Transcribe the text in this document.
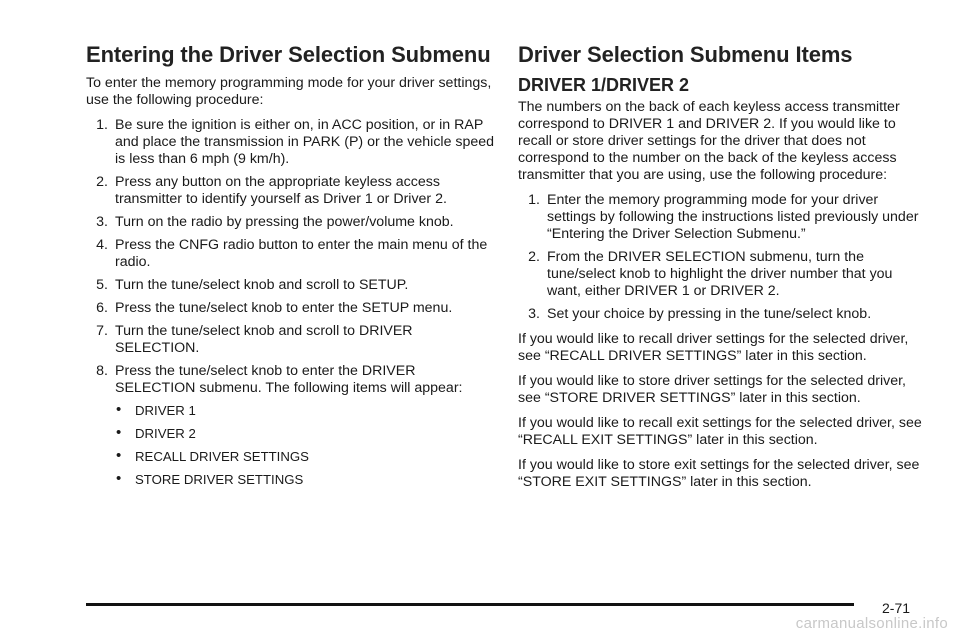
Entering the Driver Selection Submenu

To enter the memory programming mode for your driver settings, use the following procedure:

1. Be sure the ignition is either on, in ACC position, or in RAP and place the transmission in PARK (P) or the vehicle speed is less than 6 mph (9 km/h).
2. Press any button on the appropriate keyless access transmitter to identify yourself as Driver 1 or Driver 2.
3. Turn on the radio by pressing the power/volume knob.
4. Press the CNFG radio button to enter the main menu of the radio.
5. Turn the tune/select knob and scroll to SETUP.
6. Press the tune/select knob to enter the SETUP menu.
7. Turn the tune/select knob and scroll to DRIVER SELECTION.
8. Press the tune/select knob to enter the DRIVER SELECTION submenu. The following items will appear:
• DRIVER 1
• DRIVER 2
• RECALL DRIVER SETTINGS
• STORE DRIVER SETTINGS
Driver Selection Submenu Items
DRIVER 1/DRIVER 2

The numbers on the back of each keyless access transmitter correspond to DRIVER 1 and DRIVER 2. If you would like to recall or store driver settings for the driver that does not correspond to the number on the back of the keyless access transmitter that you are using, use the following procedure:

1. Enter the memory programming mode for your driver settings by following the instructions listed previously under “Entering the Driver Selection Submenu.”
2. From the DRIVER SELECTION submenu, turn the tune/select knob to highlight the driver number that you want, either DRIVER 1 or DRIVER 2.
3. Set your choice by pressing in the tune/select knob.

If you would like to recall driver settings for the selected driver, see “RECALL DRIVER SETTINGS” later in this section.

If you would like to store driver settings for the selected driver, see “STORE DRIVER SETTINGS” later in this section.

If you would like to recall exit settings for the selected driver, see “RECALL EXIT SETTINGS” later in this section.

If you would like to store exit settings for the selected driver, see “STORE EXIT SETTINGS” later in this section.

2-71
carmanualsonline.info
